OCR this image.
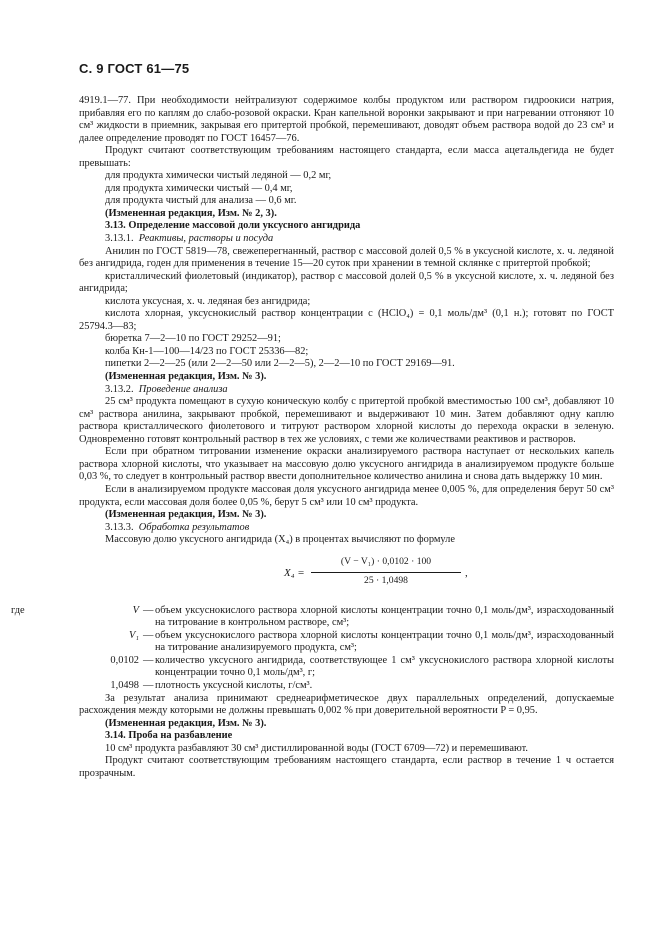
С. 9 ГОСТ 61—75

4919.1—77. При необходимости нейтрализуют содержимое колбы продуктом или раствором гидроокиси натрия, прибавляя его по каплям до слабо-розовой окраски. Кран капельной воронки закрывают и при нагревании отгоняют 10 см³ жидкости в приемник, закрывая его притертой пробкой, перемешивают, доводят объем раствора водой до 23 см³ и далее определение проводят по ГОСТ 16457—76.

Продукт считают соответствующим требованиям настоящего стандарта, если масса ацетальдегида не будет превышать:

для продукта химически чистый ледяной — 0,2 мг,

для продукта химически чистый — 0,4 мг,

для продукта чистый для анализа — 0,6 мг.

(Измененная редакция, Изм. № 2, 3).

3.13. Определение массовой доли уксусного ангидрида

3.13.1. Реактивы, растворы и посуда

Анилин по ГОСТ 5819—78, свежеперегнанный, раствор с массовой долей 0,5 % в уксусной кислоте, х. ч. ледяной без ангидрида, годен для применения в течение 15—20 суток при хранении в темной склянке с притертой пробкой;

кристаллический фиолетовый (индикатор), раствор с массовой долей 0,5 % в уксусной кислоте, х. ч. ледяной без ангидрида;

кислота уксусная, х. ч. ледяная без ангидрида;

кислота хлорная, уксуснокислый раствор концентрации с (HClO₄) = 0,1 моль/дм³ (0,1 н.); готовят по ГОСТ 25794.3—83;

бюретка 7—2—10 по ГОСТ 29252—91;

колба Кн-1—100—14/23 по ГОСТ 25336—82;

пипетки 2—2—25 (или 2—2—50 или 2—2—5), 2—2—10 по ГОСТ 29169—91.

(Измененная редакция, Изм. № 3).

3.13.2. Проведение анализа

25 см³ продукта помещают в сухую коническую колбу с притертой пробкой вместимостью 100 см³, добавляют 10 см³ раствора анилина, закрывают пробкой, перемешивают и выдерживают 10 мин. Затем добавляют одну каплю раствора кристаллического фиолетового и титруют раствором хлорной кислоты до перехода окраски в зеленую. Одновременно готовят контрольный раствор в тех же условиях, с теми же количествами реактивов и растворов.

Если при обратном титровании изменение окраски анализируемого раствора наступает от нескольких капель раствора хлорной кислоты, что указывает на массовую долю уксусного ангидрида в анализируемом продукте больше 0,03 %, то следует в контрольный раствор ввести дополнительное количество анилина и снова дать выдержку 10 мин.

Если в анализируемом продукте массовая доля уксусного ангидрида менее 0,005 %, для определения берут 50 см³ продукта, если массовая доля более 0,05 %, берут 5 см³ или 10 см³ продукта.

(Измененная редакция, Изм. № 3).

3.13.3. Обработка результатов

Массовую долю уксусного ангидрида (X₄) в процентах вычисляют по формуле

X₄ =
(V − V₁) · 0,0102 · 100
25 · 1,0498
,
где	V — объем уксуснокислого раствора хлорной кислоты концентрации точно 0,1 моль/дм³, израсходованный на титрование в контрольном растворе, см³;
V₁ — объем уксуснокислого раствора хлорной кислоты концентрации точно 0,1 моль/дм³, израсходованный на титрование анализируемого продукта, см³;
0,0102 — количество уксусного ангидрида, соответствующее 1 см³ уксуснокислого раствора хлорной кислоты концентрации точно 0,1 моль/дм³, г;
1,0498 — плотность уксусной кислоты, г/см³.

За результат анализа принимают среднеарифметическое двух параллельных определений, допускаемые расхождения между которыми не должны превышать 0,002 % при доверительной вероятности P = 0,95.

(Измененная редакция, Изм. № 3).

3.14. Проба на разбавление

10 см³ продукта разбавляют 30 см³ дистиллированной воды (ГОСТ 6709—72) и перемешивают.

Продукт считают соответствующим требованиям настоящего стандарта, если раствор в течение 1 ч остается прозрачным.
